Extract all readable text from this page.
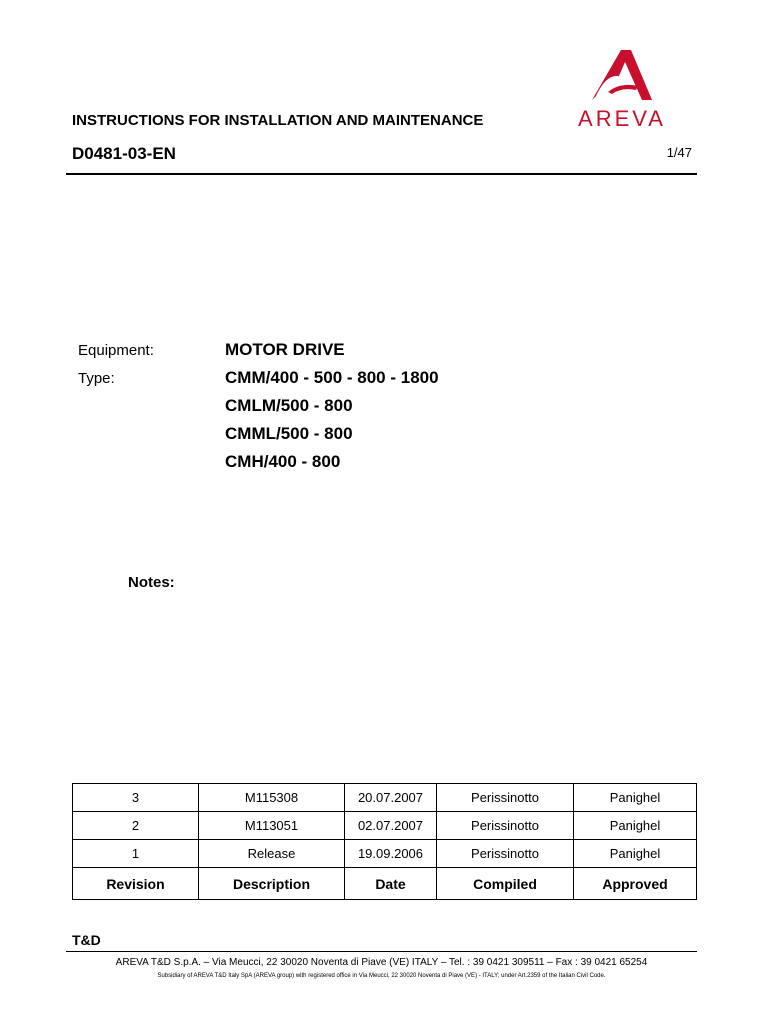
AREVA
INSTRUCTIONS FOR INSTALLATION AND MAINTENANCE
D0481-03-EN	1/47
Equipment:	MOTOR DRIVE
Type:	CMM/400 - 500 - 800 - 1800
CMLM/500 - 800
CMML/500 - 800
CMH/400 - 800
Notes:
3	M115308	20.07.2007	Perissinotto	Panighel
2	M113051	02.07.2007	Perissinotto	Panighel
1	Release	19.09.2006	Perissinotto	Panighel
Revision	Description	Date	Compiled	Approved
T&D
AREVA T&D S.p.A. – Via Meucci, 22 30020 Noventa di Piave (VE) ITALY – Tel. : 39 0421 309511 – Fax : 39 0421 65254
Subsidiary of AREVA T&D Italy SpA (AREVA group) with registered office in Via Meucci, 22 30020 Noventa di Piave (VE) - ITALY; under Art.2359 of the Italian Civil Code.
